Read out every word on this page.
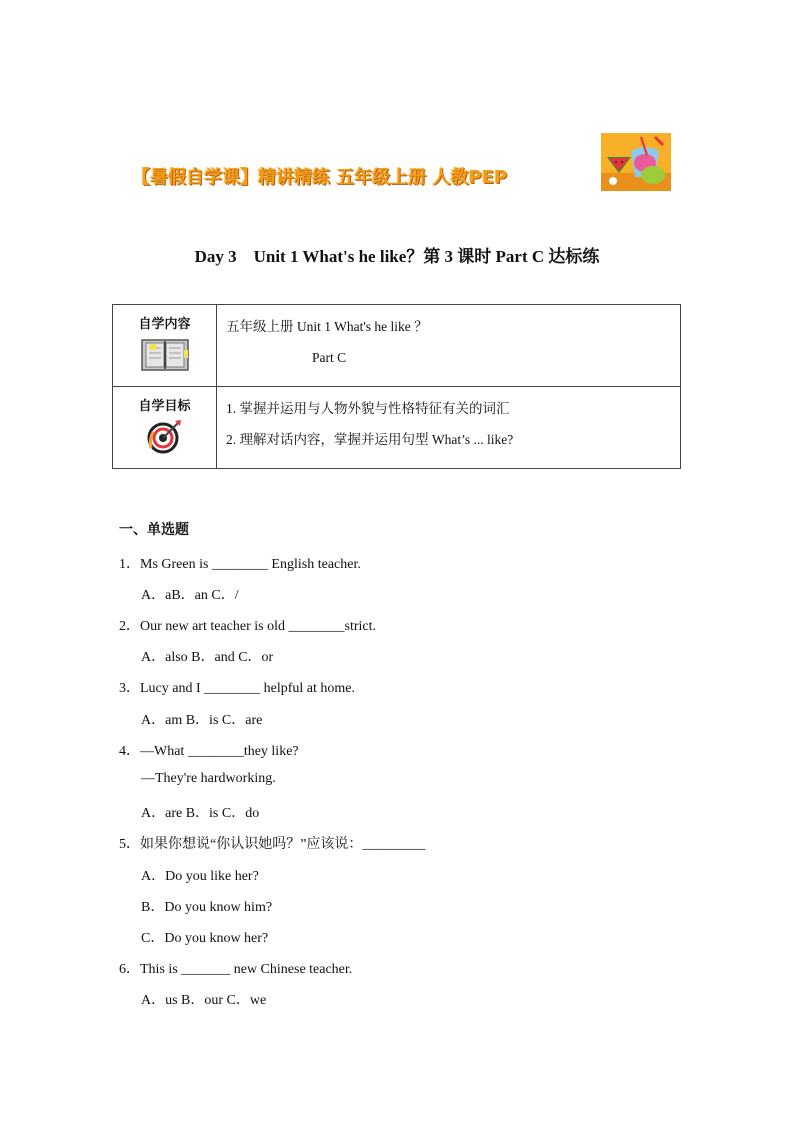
【暑假自学课】精讲精练 五年级上册 人教PEP
Day 3　Unit 1 What's he like？第 3 课时 Part C 达标练
自学内容	五年级上册 Unit 1 What's he like ？
Part C

自学目标	1. 掌握并运用与人物外貌与性格特征有关的词汇
2. 理解对话内容，掌握并运用句型 What’s ... like?
一、单选题
1．Ms Green is ________ English teacher.
A．aB．an C．/
2．Our new art teacher is old ________strict.
A．also B．and C．or
3．Lucy and I ________ helpful at home.
A．am B．is C．are
4．—What ________they like?
—They're hardworking.
A．are B．is C．do
5．如果你想说“你认识她吗？”应该说：_________
A．Do you like her?
B．Do you know him?
C．Do you know her?
6．This is _______ new Chinese teacher.
A．us B．our C．we
